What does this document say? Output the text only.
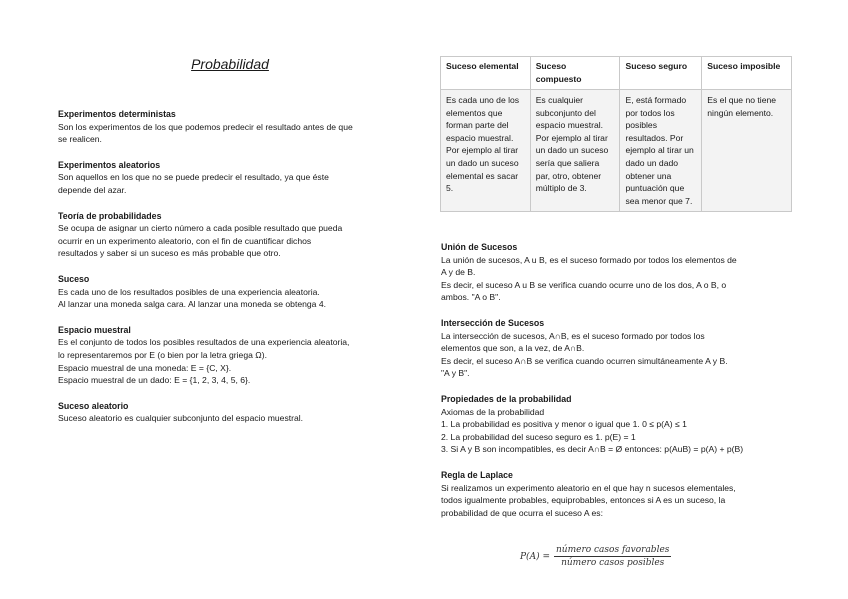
Probabilidad
Experimentos deterministas

Son los experimentos de los que podemos predecir el resultado antes de que

se realicen.

Experimentos aleatorios

Son aquellos en los que no se puede predecir el resultado, ya que éste

depende del azar.

Teoría de probabilidades

Se ocupa de asignar un cierto número a cada posible resultado que pueda

ocurrir en un experimento aleatorio, con el fin de cuantificar dichos

resultados y saber si un suceso es más probable que otro.

Suceso

Es cada uno de los resultados posibles de una experiencia aleatoria.

Al lanzar una moneda salga cara. Al lanzar una moneda se obtenga 4.

Espacio muestral

Es el conjunto de todos los posibles resultados de una experiencia aleatoria,

lo representaremos por E (o bien por la letra griega Ω).

Espacio muestral de una moneda: E = {C, X}.

Espacio muestral de un dado: E = {1, 2, 3, 4, 5, 6}.

Suceso aleatorio

Suceso aleatorio es cualquier subconjunto del espacio muestral.

Suceso elemental	Suceso compuesto	Suceso seguro	Suceso imposible
Es cada uno de los elementos que forman parte del espacio muestral. Por ejemplo al tirar un dado un suceso elemental es sacar 5.	Es cualquier subconjunto del espacio muestral. Por ejemplo al tirar un dado un suceso sería que saliera par, otro, obtener múltiplo de 3.	E, está formado por todos los posibles resultados. Por ejemplo al tirar un dado un dado obtener una puntuación que sea menor que 7.	Es el que no tiene ningún elemento.
Unión de Sucesos

La unión de sucesos, A u B, es el suceso formado por todos los elementos de

A y de B.

Es decir, el suceso A u B se verifica cuando ocurre uno de los dos, A o B, o

ambos. "A o B".

Intersección de Sucesos

La intersección de sucesos, A∩B, es el suceso formado por todos los

elementos que son, a la vez, de A∩B.

Es decir, el suceso A∩B se verifica cuando ocurren simultáneamente A y B.

"A y B".

Propiedades de la probabilidad

Axiomas de la probabilidad

1. La probabilidad es positiva y menor o igual que 1. 0 ≤ p(A) ≤ 1

2. La probabilidad del suceso seguro es 1. p(E) = 1

3. Si A y B son incompatibles, es decir A∩B = Ø entonces: p(AuB) = p(A) + p(B)

Regla de Laplace

Si realizamos un experimento aleatorio en el que hay n sucesos elementales,

todos igualmente probables, equiprobables, entonces si A es un suceso, la

probabilidad de que ocurra el suceso A es:

$P(A) = \frac{\text{número casos favorables}}{\text{número casos posibles}}$
